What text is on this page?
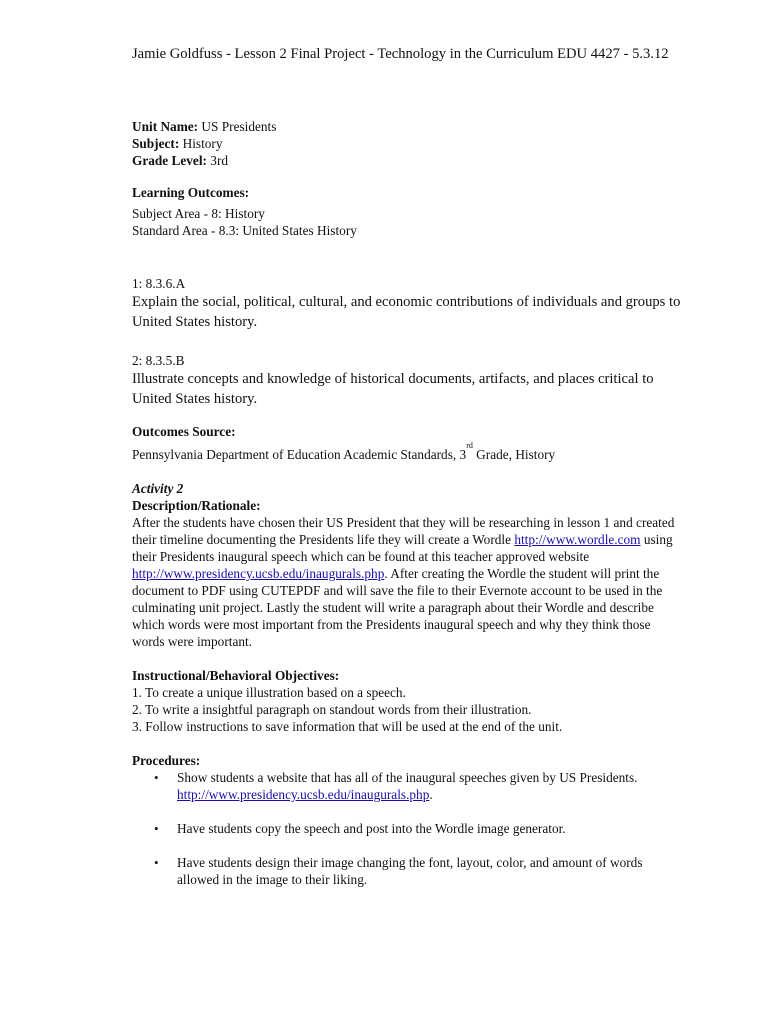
Jamie Goldfuss - Lesson 2 Final Project - Technology in the Curriculum EDU 4427 - 5.3.12
Unit Name: US Presidents
Subject: History
Grade Level: 3rd
Learning Outcomes:
Subject Area - 8: History
Standard Area - 8.3: United States History
1: 8.3.6.A
Explain the social, political, cultural, and economic contributions of individuals and groups to United States history.
2: 8.3.5.B
Illustrate concepts and knowledge of historical documents, artifacts, and places critical to United States history.
Outcomes Source:
Pennsylvania Department of Education Academic Standards, 3rd Grade, History
Activity 2
Description/Rationale:
After the students have chosen their US President that they will be researching in lesson 1 and created their timeline documenting the Presidents life they will create a Wordle http://www.wordle.com using their Presidents inaugural speech which can be found at this teacher approved website http://www.presidency.ucsb.edu/inaugurals.php. After creating the Wordle the student will print the document to PDF using CUTEPDF and will save the file to their Evernote account to be used in the culminating unit project. Lastly the student will write a paragraph about their Wordle and describe which words were most important from the Presidents inaugural speech and why they think those words were important.
Instructional/Behavioral Objectives:
1. To create a unique illustration based on a speech.
2. To write a insightful paragraph on standout words from their illustration.
3. Follow instructions to save information that will be used at the end of the unit.
Procedures:
• Show students a website that has all of the inaugural speeches given by US Presidents.
http://www.presidency.ucsb.edu/inaugurals.php.
• Have students copy the speech and post into the Wordle image generator.
• Have students design their image changing the font, layout, color, and amount of words allowed in the image to their liking.
